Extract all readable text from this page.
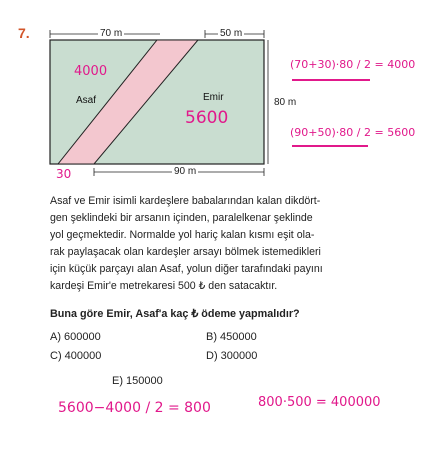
7.	70 m	50 m
80 m
90 m
Asaf	Emir
4000
5600
30
(70+30)·80 / 2 = 4000
(90+50)·80 / 2 = 5600
Asaf ve Emir isimli kardeşlere babalarından kalan dikdört-
gen şeklindeki bir arsanın içinden, paralelkenar şeklinde
yol geçmektedir. Normalde yol hariç kalan kısmı eşit ola-
rak paylaşacak olan kardeşler arsayı bölmek istemedikleri
için küçük parçayı alan Asaf, yolun diğer tarafındaki payını
kardeşi Emir'e metrekaresi 500 ₺ den satacaktır.
Buna göre Emir, Asaf'a kaç ₺ ödeme yapmalıdır?
A) 600000	B) 450000
C) 400000	D) 300000
E) 150000
5600−4000 / 2 = 800	800·500 = 400000
